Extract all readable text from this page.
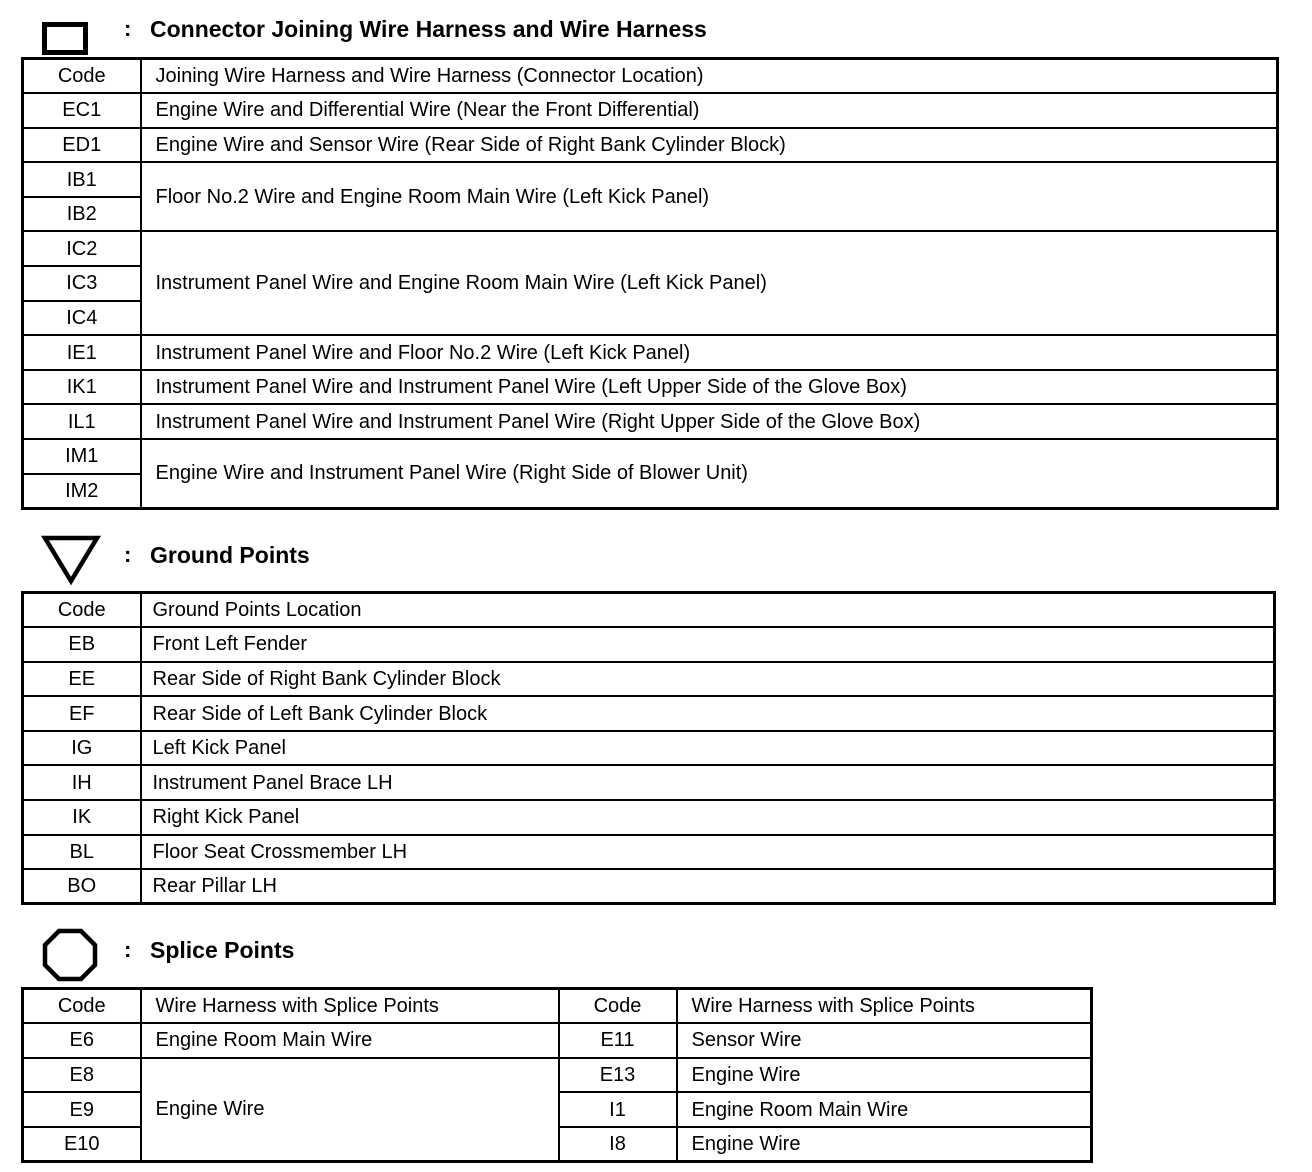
: Connector Joining Wire Harness and Wire Harness
Code	Joining Wire Harness and Wire Harness (Connector Location)
EC1	Engine Wire and Differential Wire (Near the Front Differential)
ED1	Engine Wire and Sensor Wire (Rear Side of Right Bank Cylinder Block)
IB1	Floor No.2 Wire and Engine Room Main Wire (Left Kick Panel)
IB2	
IC2	Instrument Panel Wire and Engine Room Main Wire (Left Kick Panel)
IC3	
IC4	
IE1	Instrument Panel Wire and Floor No.2 Wire (Left Kick Panel)
IK1	Instrument Panel Wire and Instrument Panel Wire (Left Upper Side of the Glove Box)
IL1	Instrument Panel Wire and Instrument Panel Wire (Right Upper Side of the Glove Box)
IM1	Engine Wire and Instrument Panel Wire (Right Side of Blower Unit)
IM2	
: Ground Points
Code	Ground Points Location
EB	Front Left Fender
EE	Rear Side of Right Bank Cylinder Block
EF	Rear Side of Left Bank Cylinder Block
IG	Left Kick Panel
IH	Instrument Panel Brace LH
IK	Right Kick Panel
BL	Floor Seat Crossmember LH
BO	Rear Pillar LH
: Splice Points
Code	Wire Harness with Splice Points	Code	Wire Harness with Splice Points
E6	Engine Room Main Wire	E11	Sensor Wire
E8	Engine Wire	E13	Engine Wire
E9		I1	Engine Room Main Wire
E10		I8	Engine Wire
